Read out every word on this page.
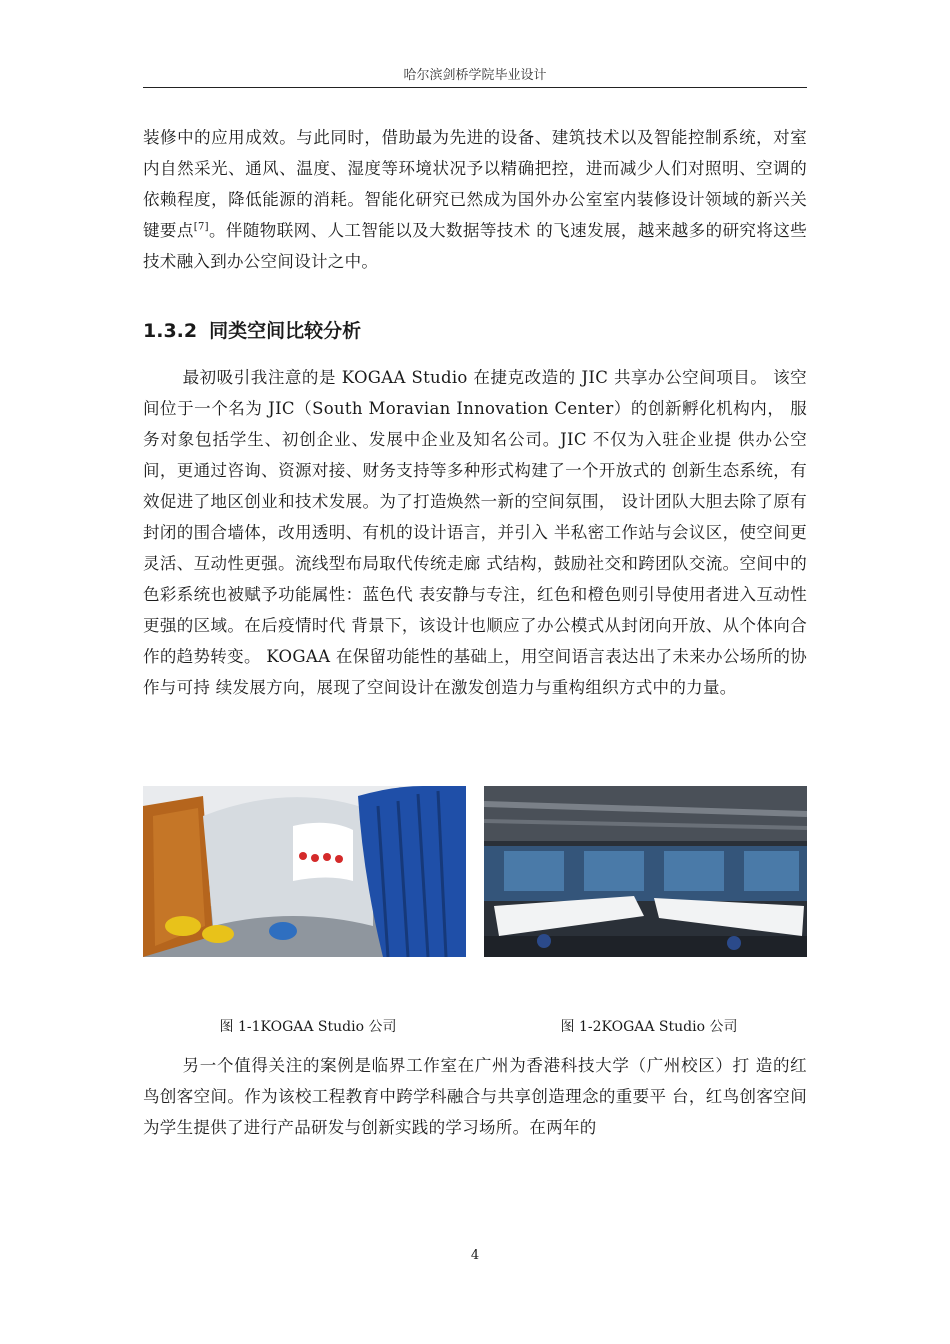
哈尔滨剑桥学院毕业设计

装修中的应用成效。与此同时，借助最为先进的设备、建筑技术以及智能控制系统，对室内自然采光、通风、温度、湿度等环境状况予以精确把控，进而减少人们对照明、空调的依赖程度，降低能源的消耗。智能化研究已然成为国外办公室室内装修设计领域的新兴关键要点[7]。伴随物联网、人工智能以及大数据等技术 的飞速发展，越来越多的研究将这些技术融入到办公空间设计之中。

1.3.2 同类空间比较分析

最初吸引我注意的是 KOGAA Studio 在捷克改造的 JIC 共享办公空间项目。 该空间位于一个名为 JIC（South Moravian Innovation Center）的创新孵化机构内， 服务对象包括学生、初创企业、发展中企业及知名公司。JIC 不仅为入驻企业提 供办公空间，更通过咨询、资源对接、财务支持等多种形式构建了一个开放式的 创新生态系统，有效促进了地区创业和技术发展。为了打造焕然一新的空间氛围， 设计团队大胆去除了原有封闭的围合墙体，改用透明、有机的设计语言，并引入 半私密工作站与会议区，使空间更灵活、互动性更强。流线型布局取代传统走廊 式结构，鼓励社交和跨团队交流。空间中的色彩系统也被赋予功能属性：蓝色代 表安静与专注，红色和橙色则引导使用者进入互动性更强的区域。在后疫情时代 背景下，该设计也顺应了办公模式从封闭向开放、从个体向合作的趋势转变。 KOGAA 在保留功能性的基础上，用空间语言表达出了未来办公场所的协作与可持 续发展方向，展现了空间设计在激发创造力与重构组织方式中的力量。

图 1-1KOGAA Studio 公司	图 1-2KOGAA Studio 公司

另一个值得关注的案例是临界工作室在广州为香港科技大学（广州校区）打 造的红鸟创客空间。作为该校工程教育中跨学科融合与共享创造理念的重要平 台，红鸟创客空间为学生提供了进行产品研发与创新实践的学习场所。在两年的

4
